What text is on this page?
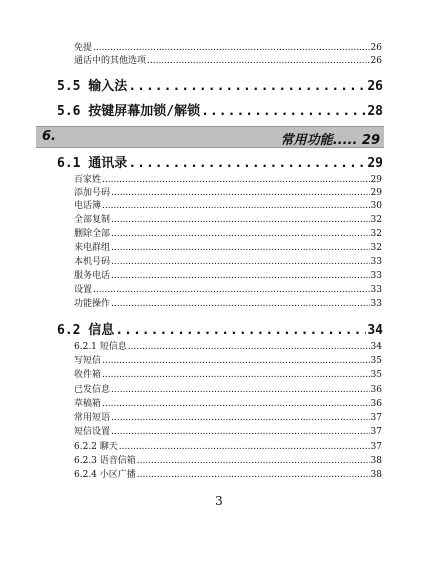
免提 .....	26
通话中的其他选项 .....	26
5.5 输入法 .....	26
5.6 按键屏幕加锁/解锁 .....	28
6.	常用功能..... 29
6.1 通讯录 .....	29
百家姓 .....	29
添加号码 .....	29
电话簿 .....	30
全部复制 .....	32
删除全部 .....	32
来电群组 .....	32
本机号码 .....	33
服务电话 .....	33
设置 .....	33
功能操作 .....	33
6.2 信息 .....	34
6.2.1 短信息 .....	34
写短信 .....	35
收件箱 .....	35
已发信息 .....	36
草稿箱 .....	36
常用短语 .....	37
短信设置 .....	37
6.2.2 聊天 .....	37
6.2.3 语音信箱 .....	38
6.2.4 小区广播 .....	38
3
